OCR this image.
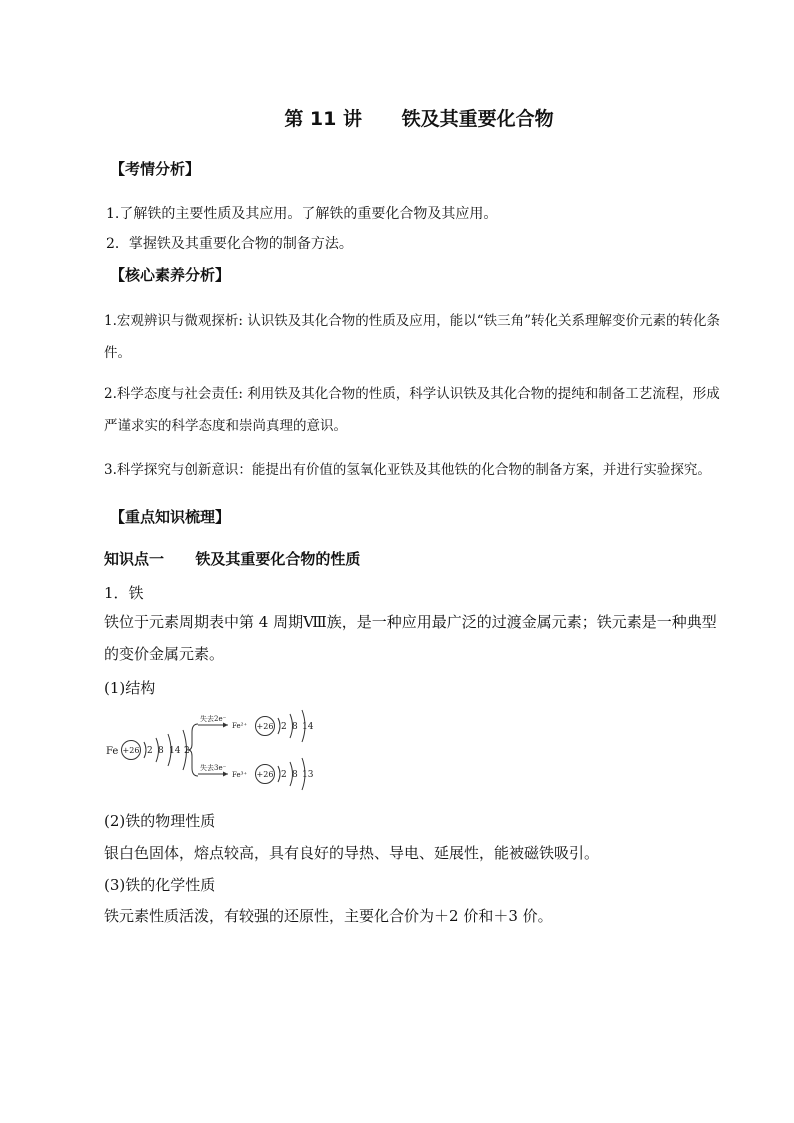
第 11 讲      铁及其重要化合物
【考情分析】
1.了解铁的主要性质及其应用。了解铁的重要化合物及其应用。
2．掌握铁及其重要化合物的制备方法。
【核心素养分析】
1.宏观辨识与微观探析: 认识铁及其化合物的性质及应用，能以“铁三角”转化关系理解变价元素的转化条件。
2.科学态度与社会责任: 利用铁及其化合物的性质，科学认识铁及其化合物的提纯和制备工艺流程，形成严谨求实的科学态度和崇尚真理的意识。
3.科学探究与创新意识：能提出有价值的氢氧化亚铁及其他铁的化合物的制备方案，并进行实验探究。
【重点知识梳理】
知识点一      铁及其重要化合物的性质
1．铁
铁位于元素周期表中第 4 周期Ⅷ族，是一种应用最广泛的过渡金属元素；铁元素是一种典型的变价金属元素。
(1)结构
Fe +26 2 8 14 2
失去2e⁻
Fe²⁺ +26 2 8 14
失去3e⁻
Fe³⁺ +26 2 8 13
(2)铁的物理性质
银白色固体，熔点较高，具有良好的导热、导电、延展性，能被磁铁吸引。
(3)铁的化学性质
铁元素性质活泼，有较强的还原性，主要化合价为＋2 价和＋3 价。
